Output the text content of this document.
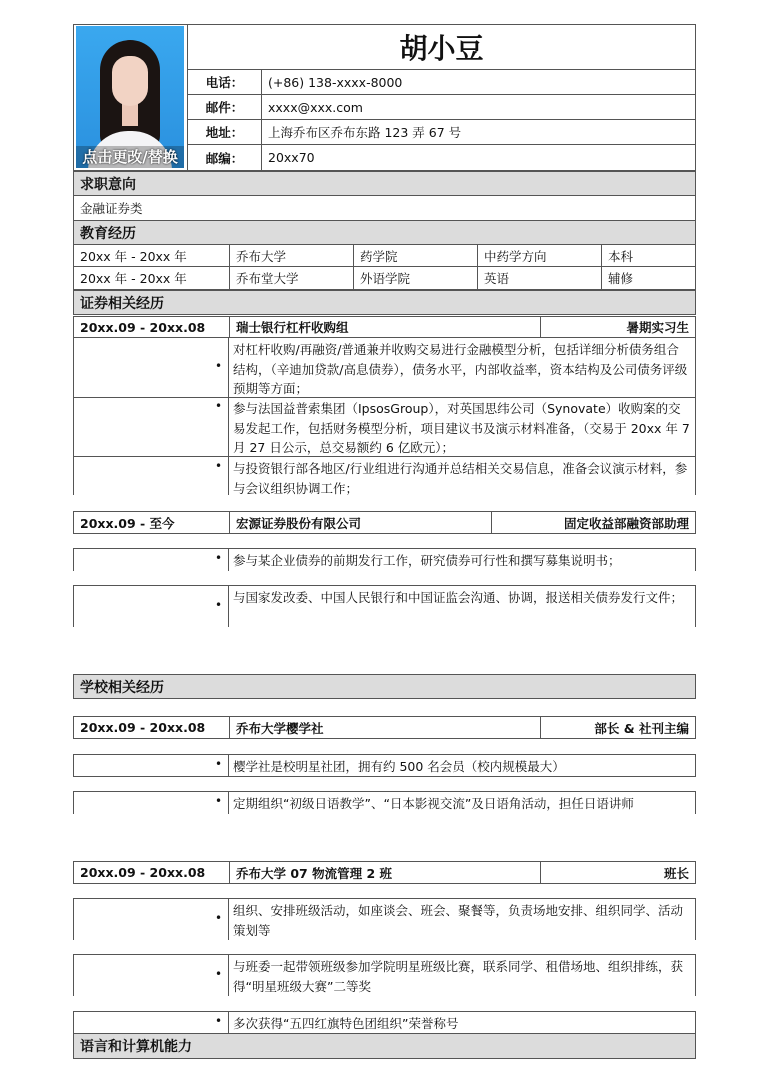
点击更改/替换
胡小豆
电话：	(+86) 138-xxxx-8000
邮件：	xxxx@xxx.com
地址：	上海乔布区乔布东路 123 弄 67 号
邮编：	20xx70
求职意向
金融证券类
教育经历
20xx 年 - 20xx 年	乔布大学	药学院	中药学方向	本科
20xx 年 - 20xx 年	乔布堂大学	外语学院	英语	辅修
证券相关经历
20xx.09 - 20xx.08	瑞士银行杠杆收购组	暑期实习生
•
对杠杆收购/再融资/普通兼并收购交易进行金融模型分析，包括详细分析债务组合结构，（辛迪加贷款/高息债券），债务水平，内部收益率，资本结构及公司债务评级预期等方面；
• 参与法国益普索集团（IpsosGroup），对英国思纬公司（Synovate）收购案的交易发起工作，包括财务模型分析，项目建议书及演示材料准备，（交易于 20xx 年 7 月 27 日公示，总交易额约 6 亿欧元）；
• 与投资银行部各地区/行业组进行沟通并总结相关交易信息，准备会议演示材料，参与会议组织协调工作；
20xx.09 - 至今	宏源证券股份有限公司	固定收益部融资部助理
• 参与某企业债券的前期发行工作，研究债券可行性和撰写募集说明书；
• 与国家发改委、中国人民银行和中国证监会沟通、协调，报送相关债券发行文件；
学校相关经历
20xx.09 - 20xx.08	乔布大学樱学社	部长 & 社刊主编
• 樱学社是校明星社团，拥有约 500 名会员（校内规模最大）
• 定期组织“初级日语教学”、“日本影视交流”及日语角活动，担任日语讲师
20xx.09 - 20xx.08	乔布大学 07 物流管理 2 班	班长
• 组织、安排班级活动，如座谈会、班会、聚餐等，负责场地安排、组织同学、活动策划等
• 与班委一起带领班级参加学院明星班级比赛，联系同学、租借场地、组织排练，获得“明星班级大赛”二等奖
• 多次获得“五四红旗特色团组织”荣誉称号
语言和计算机能力
